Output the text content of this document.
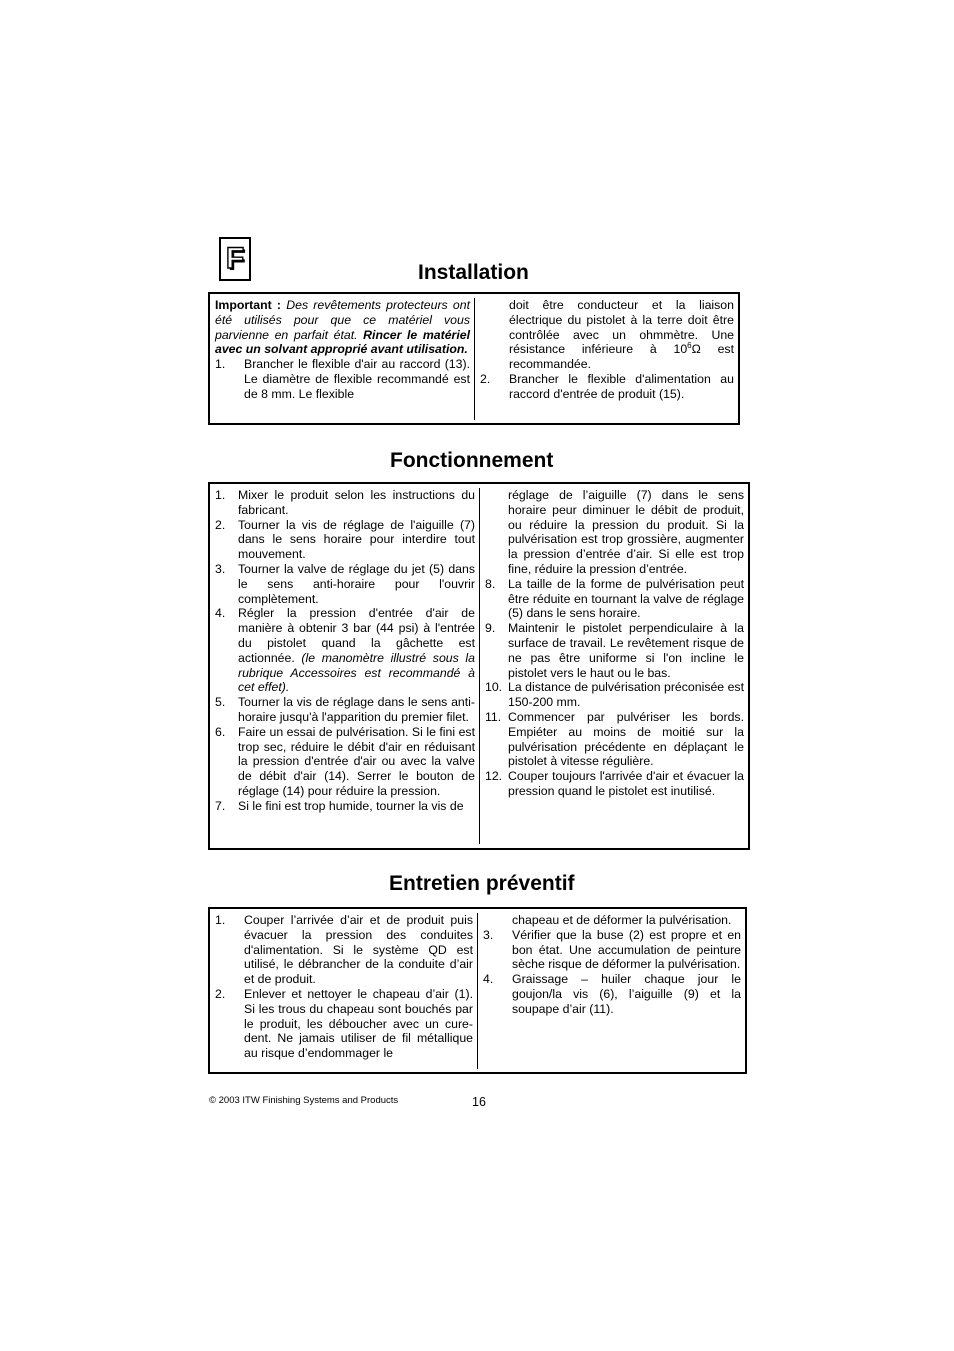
F	Installation
Important : Des revêtements protecteurs ont été utilisés pour que ce matériel vous parvienne en parfait état. Rincer le matériel avec un solvant approprié avant utilisation.
1.	Brancher le flexible d'air au raccord (13). Le diamètre de flexible recommandé est de 8 mm. Le flexible
doit être conducteur et la liaison électrique du pistolet à la terre doit être contrôlée avec un ohmmètre. Une résistance inférieure à $10^6\Omega$ est recommandée.
2.	Brancher le flexible d'alimentation au raccord d'entrée de produit (15).
Fonctionnement
1.	Mixer le produit selon les instructions du fabricant.
2.	Tourner la vis de réglage de l'aiguille (7) dans le sens horaire pour interdire tout mouvement.
3.	Tourner la valve de réglage du jet (5) dans le sens anti-horaire pour l'ouvrir complètement.
4.	Régler la pression d'entrée d'air de manière à obtenir 3 bar (44 psi) à l'entrée du pistolet quand la gâchette est actionnée. (le manomètre illustré sous la rubrique Accessoires est recommandé à cet effet).
5.	Tourner la vis de réglage dans le sens anti-horaire jusqu'à l'apparition du premier filet.
6.	Faire un essai de pulvérisation. Si le fini est trop sec, réduire le débit d'air en réduisant la pression d'entrée d'air ou avec la valve de débit d'air (14). Serrer le bouton de réglage (14) pour réduire la pression.
7.	Si le fini est trop humide, tourner la vis de
réglage de l’aiguille (7) dans le sens horaire peur diminuer le débit de produit, ou réduire la pression du produit. Si la pulvérisation est trop grossière, augmenter la pression d’entrée d’air. Si elle est trop fine, réduire la pression d’entrée.
8.	La taille de la forme de pulvérisation peut être réduite en tournant la valve de réglage (5) dans le sens horaire.
9.	Maintenir le pistolet perpendiculaire à la surface de travail. Le revêtement risque de ne pas être uniforme si l'on incline le pistolet vers le haut ou le bas.
10. La distance de pulvérisation préconisée est 150-200 mm.
11. Commencer par pulvériser les bords. Empiéter au moins de moitié sur la pulvérisation précédente en déplaçant le pistolet à vitesse régulière.
12. Couper toujours l'arrivée d'air et évacuer la pression quand le pistolet est inutilisé.
Entretien préventif
1.	Couper l’arrivée d’air et de produit puis évacuer la pression des conduites d'alimentation. Si le système QD est utilisé, le débrancher de la conduite d’air et de produit.
2.	Enlever et nettoyer le chapeau d’air (1). Si les trous du chapeau sont bouchés par le produit, les déboucher avec un cure-dent. Ne jamais utiliser de fil métallique au risque d’endommager le
chapeau et de déformer la pulvérisation.
3.	Vérifier que la buse (2) est propre et en bon état. Une accumulation de peinture sèche risque de déformer la pulvérisation.
4.	Graissage – huiler chaque jour le goujon/la vis (6), l’aiguille (9) et la soupape d’air (11).
© 2003 ITW Finishing Systems and Products	16
